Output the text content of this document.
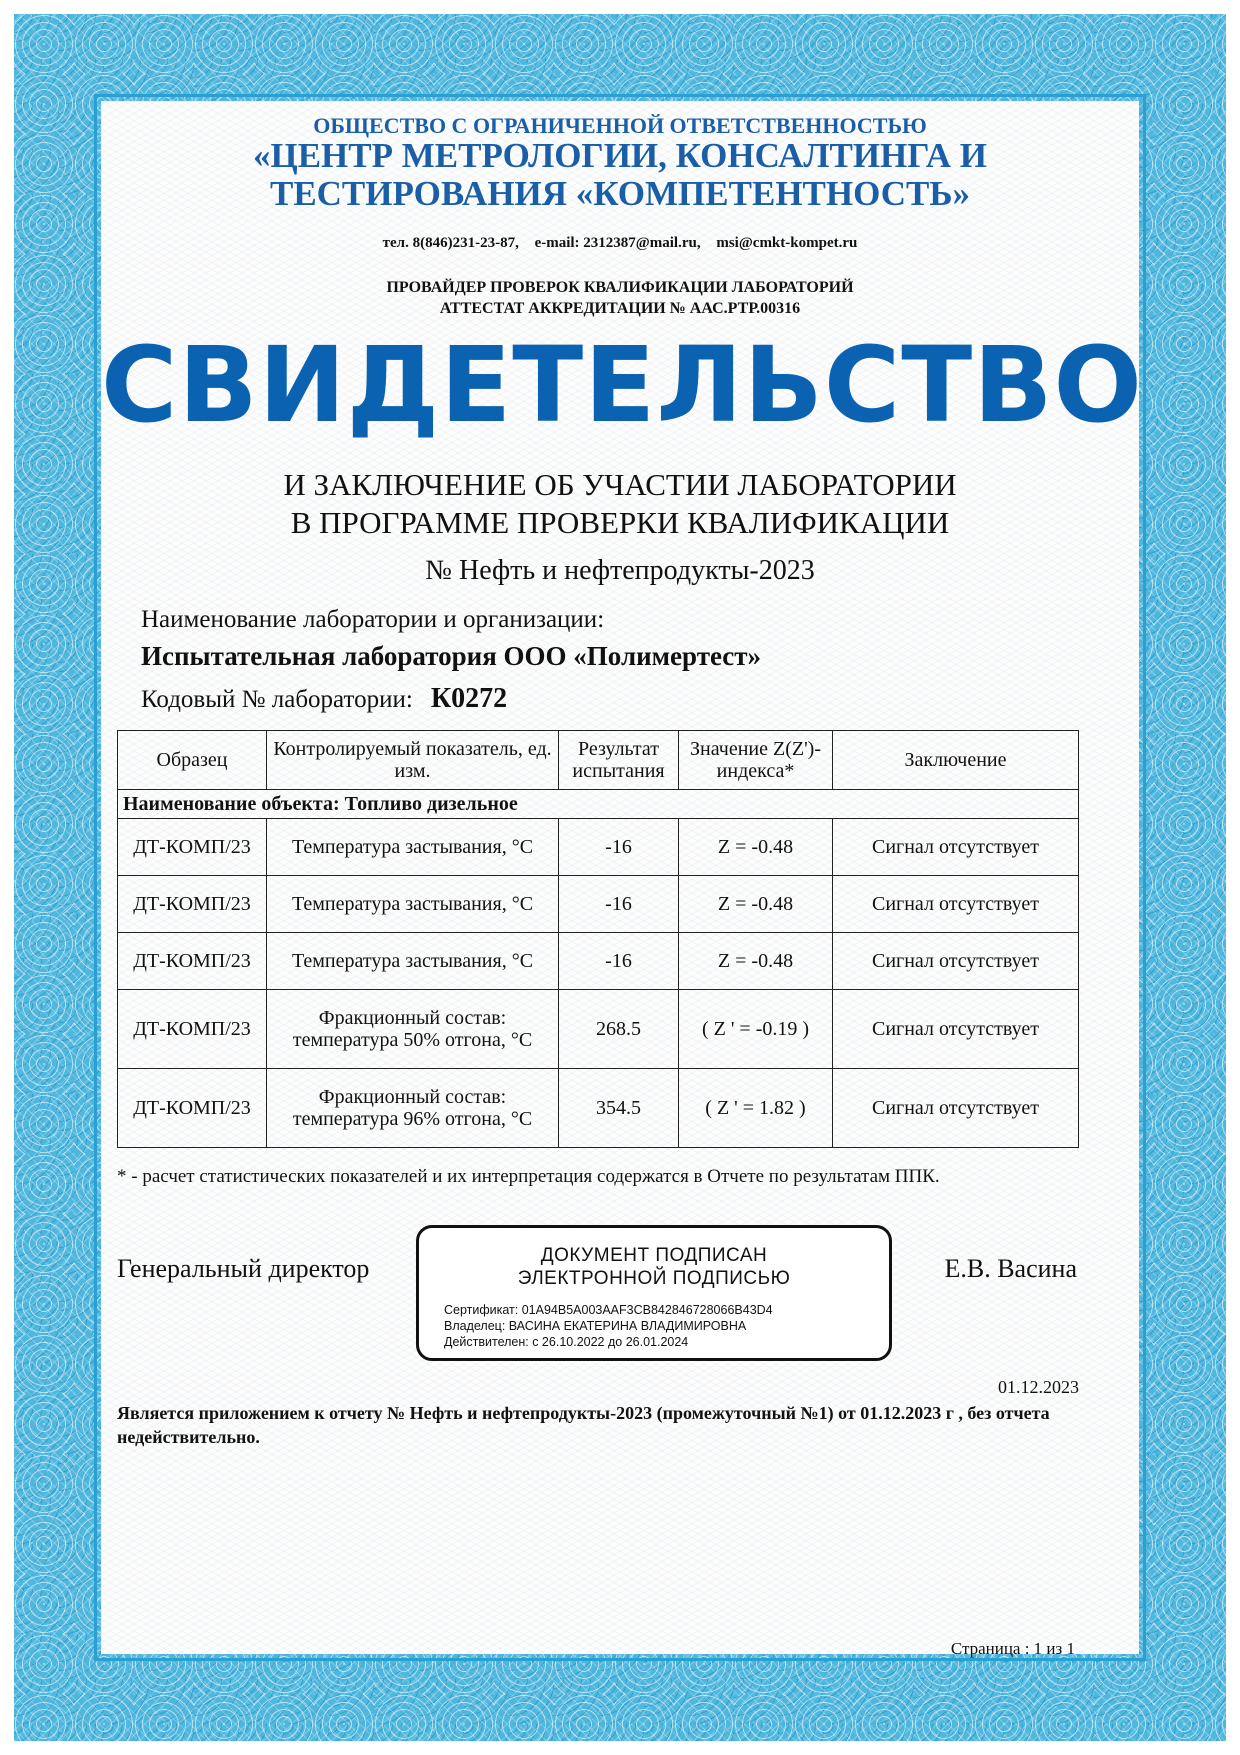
ОБЩЕСТВО С ОГРАНИЧЕННОЙ ОТВЕТСТВЕННОСТЬЮ
«ЦЕНТР МЕТРОЛОГИИ, КОНСАЛТИНГА И
ТЕСТИРОВАНИЯ «КОМПЕТЕНТНОСТЬ»
тел. 8(846)231-23-87, e-mail: 2312387@mail.ru, msi@cmkt-kompet.ru
ПРОВАЙДЕР ПРОВЕРОК КВАЛИФИКАЦИИ ЛАБОРАТОРИЙ
АТТЕСТАТ АККРЕДИТАЦИИ № ААС.РТР.00316
СВИДЕТЕЛЬСТВО
И ЗАКЛЮЧЕНИЕ ОБ УЧАСТИИ ЛАБОРАТОРИИ
В ПРОГРАММЕ ПРОВЕРКИ КВАЛИФИКАЦИИ
№ Нефть и нефтепродукты-2023
Наименование лаборатории и организации:
Испытательная лаборатория ООО «Полимертест»
Кодовый № лаборатории: К0272
Образец	Контролируемый показатель, ед. изм.	Результат испытания	Значение Z(Z')-индекса*	Заключение
Наименование объекта: Топливо дизельное				
ДТ-КОМП/23	Температура застывания, °C	-16	Z = -0.48	Сигнал отсутствует
ДТ-КОМП/23	Температура застывания, °C	-16	Z = -0.48	Сигнал отсутствует
ДТ-КОМП/23	Температура застывания, °C	-16	Z = -0.48	Сигнал отсутствует
ДТ-КОМП/23	Фракционный состав: температура 50% отгона, °C	268.5	( Z ' = -0.19 )	Сигнал отсутствует
ДТ-КОМП/23	Фракционный состав: температура 96% отгона, °C	354.5	( Z ' = 1.82 )	Сигнал отсутствует
* - расчет статистических показателей и их интерпретация содержатся в Отчете по результатам ППК.
Генеральный директор	ДОКУМЕНТ ПОДПИСАН
ЭЛЕКТРОННОЙ ПОДПИСЬЮ
Сертификат: 01A94B5A003AAF3CB842846728066B43D4
Владелец: ВАСИНА ЕКАТЕРИНА ВЛАДИМИРОВНА
Действителен: с 26.10.2022 до 26.01.2024
Е.В. Васина
01.12.2023
Является приложением к отчету № Нефть и нефтепродукты-2023 (промежуточный №1) от 01.12.2023 г , без отчета недействительно.
Страница : 1 из 1
